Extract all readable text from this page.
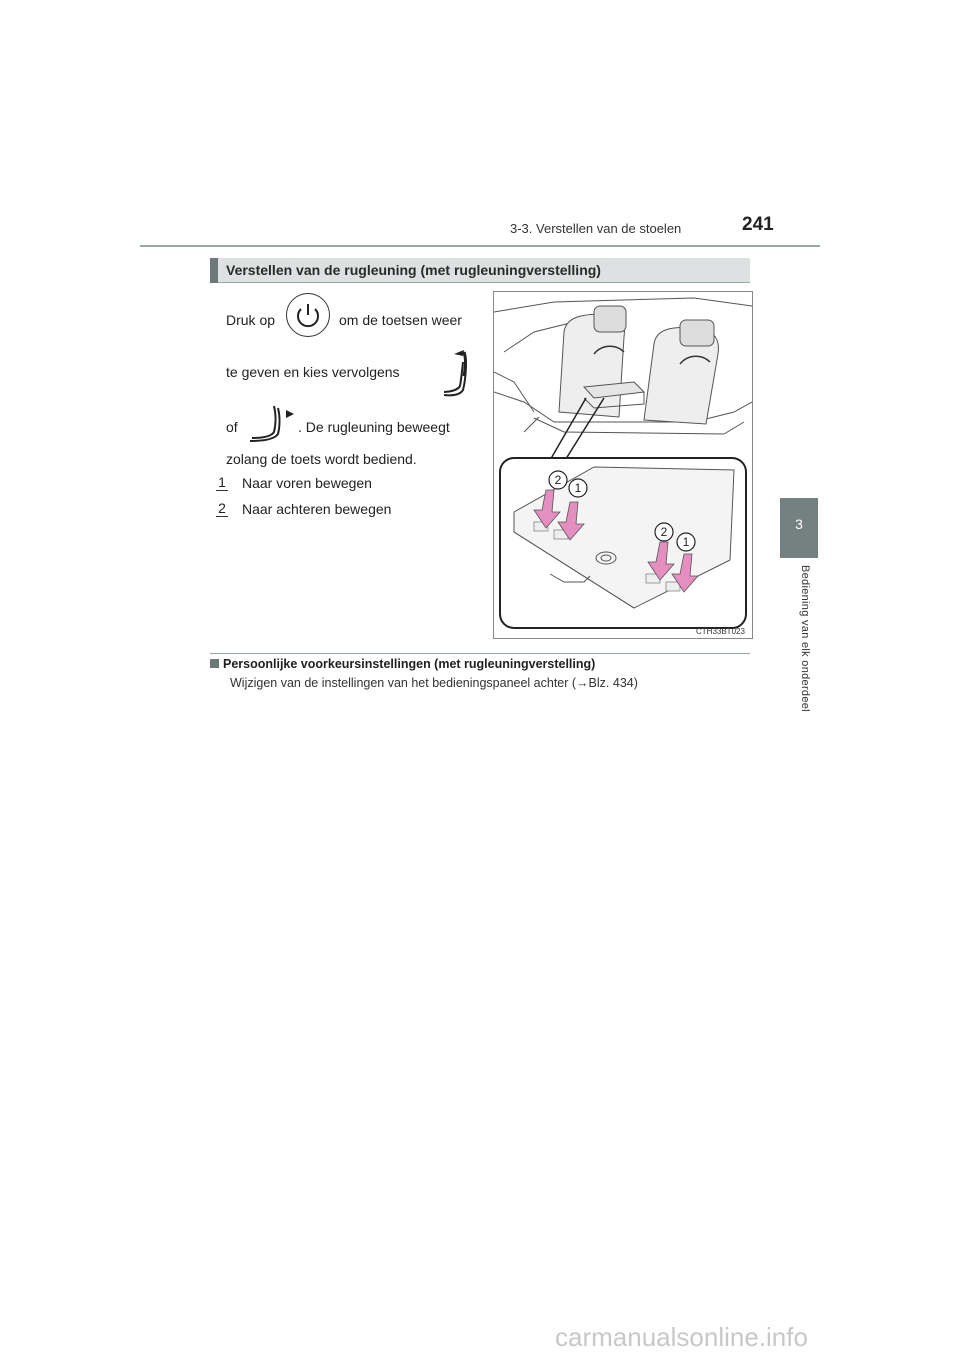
3-3. Verstellen van de stoelen	241
3
Bediening van elk onderdeel
Verstellen van de rugleuning (met rugleuningverstelling)
Druk op	om de toetsen weer
te geven en kies vervolgens
of	. De rugleuning beweegt
zolang de toets wordt bediend.
1 Naar voren bewegen
2 Naar achteren bewegen
2
1
2
1
CTH33BT023
Persoonlijke voorkeursinstellingen (met rugleuningverstelling)
Wijzigen van de instellingen van het bedieningspaneel achter (→Blz. 434)
carmanualsonline.info
